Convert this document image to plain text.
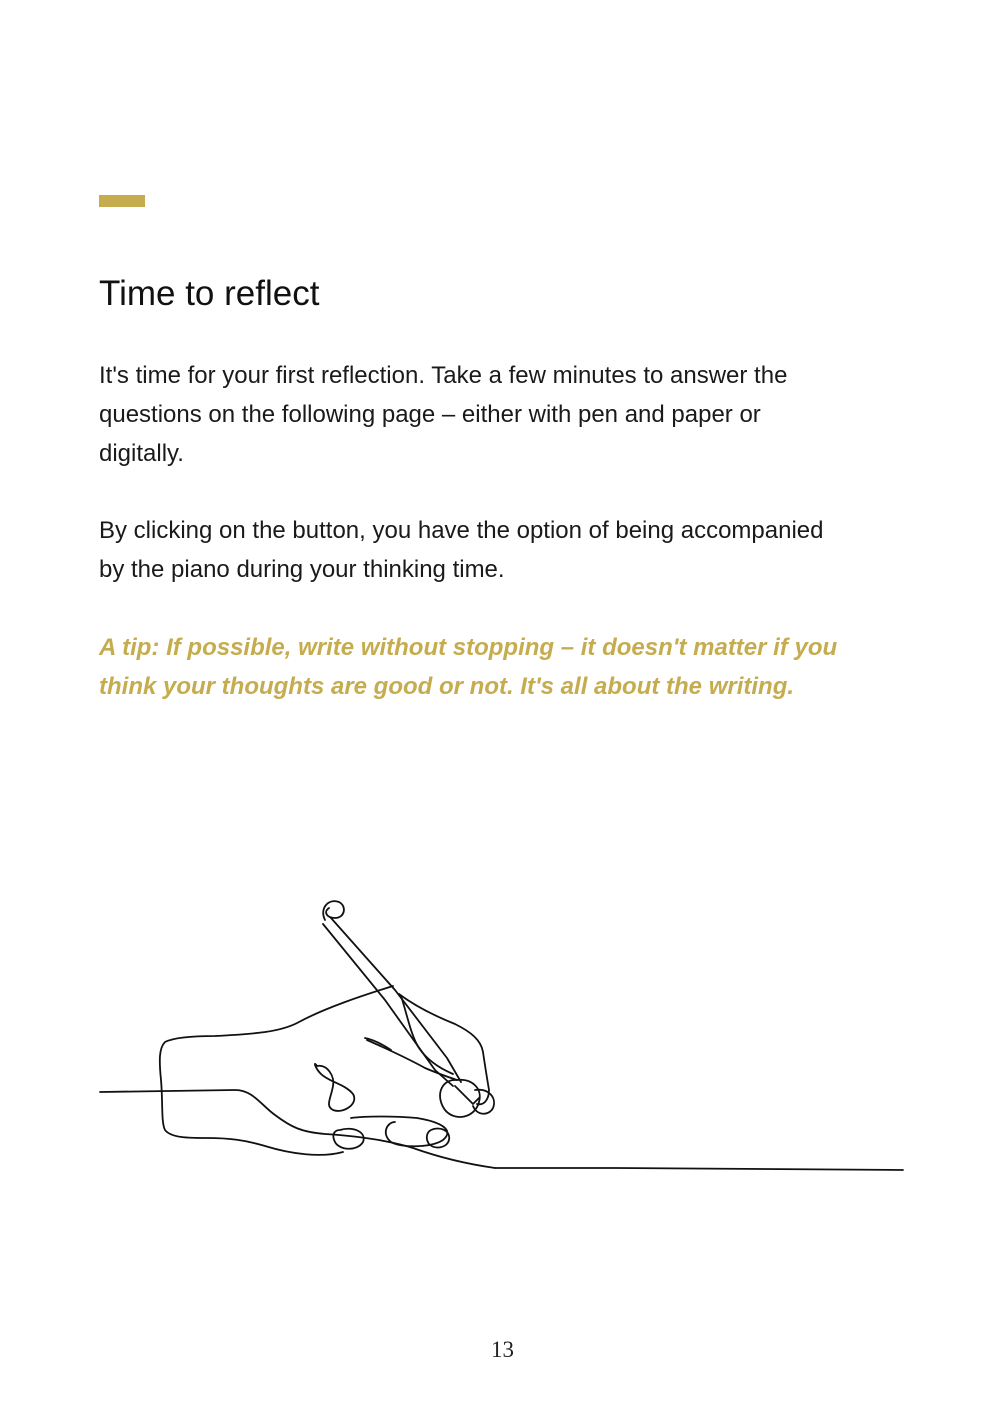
Time to reflect

It's time for your first reflection. Take a few minutes to answer the questions on the following page – either with pen and paper or digitally.

By clicking on the button, you have the option of being accompanied by the piano during your thinking time.

A tip: If possible, write without stopping – it doesn't matter if you think your thoughts are good or not. It's all about the writing.

13
